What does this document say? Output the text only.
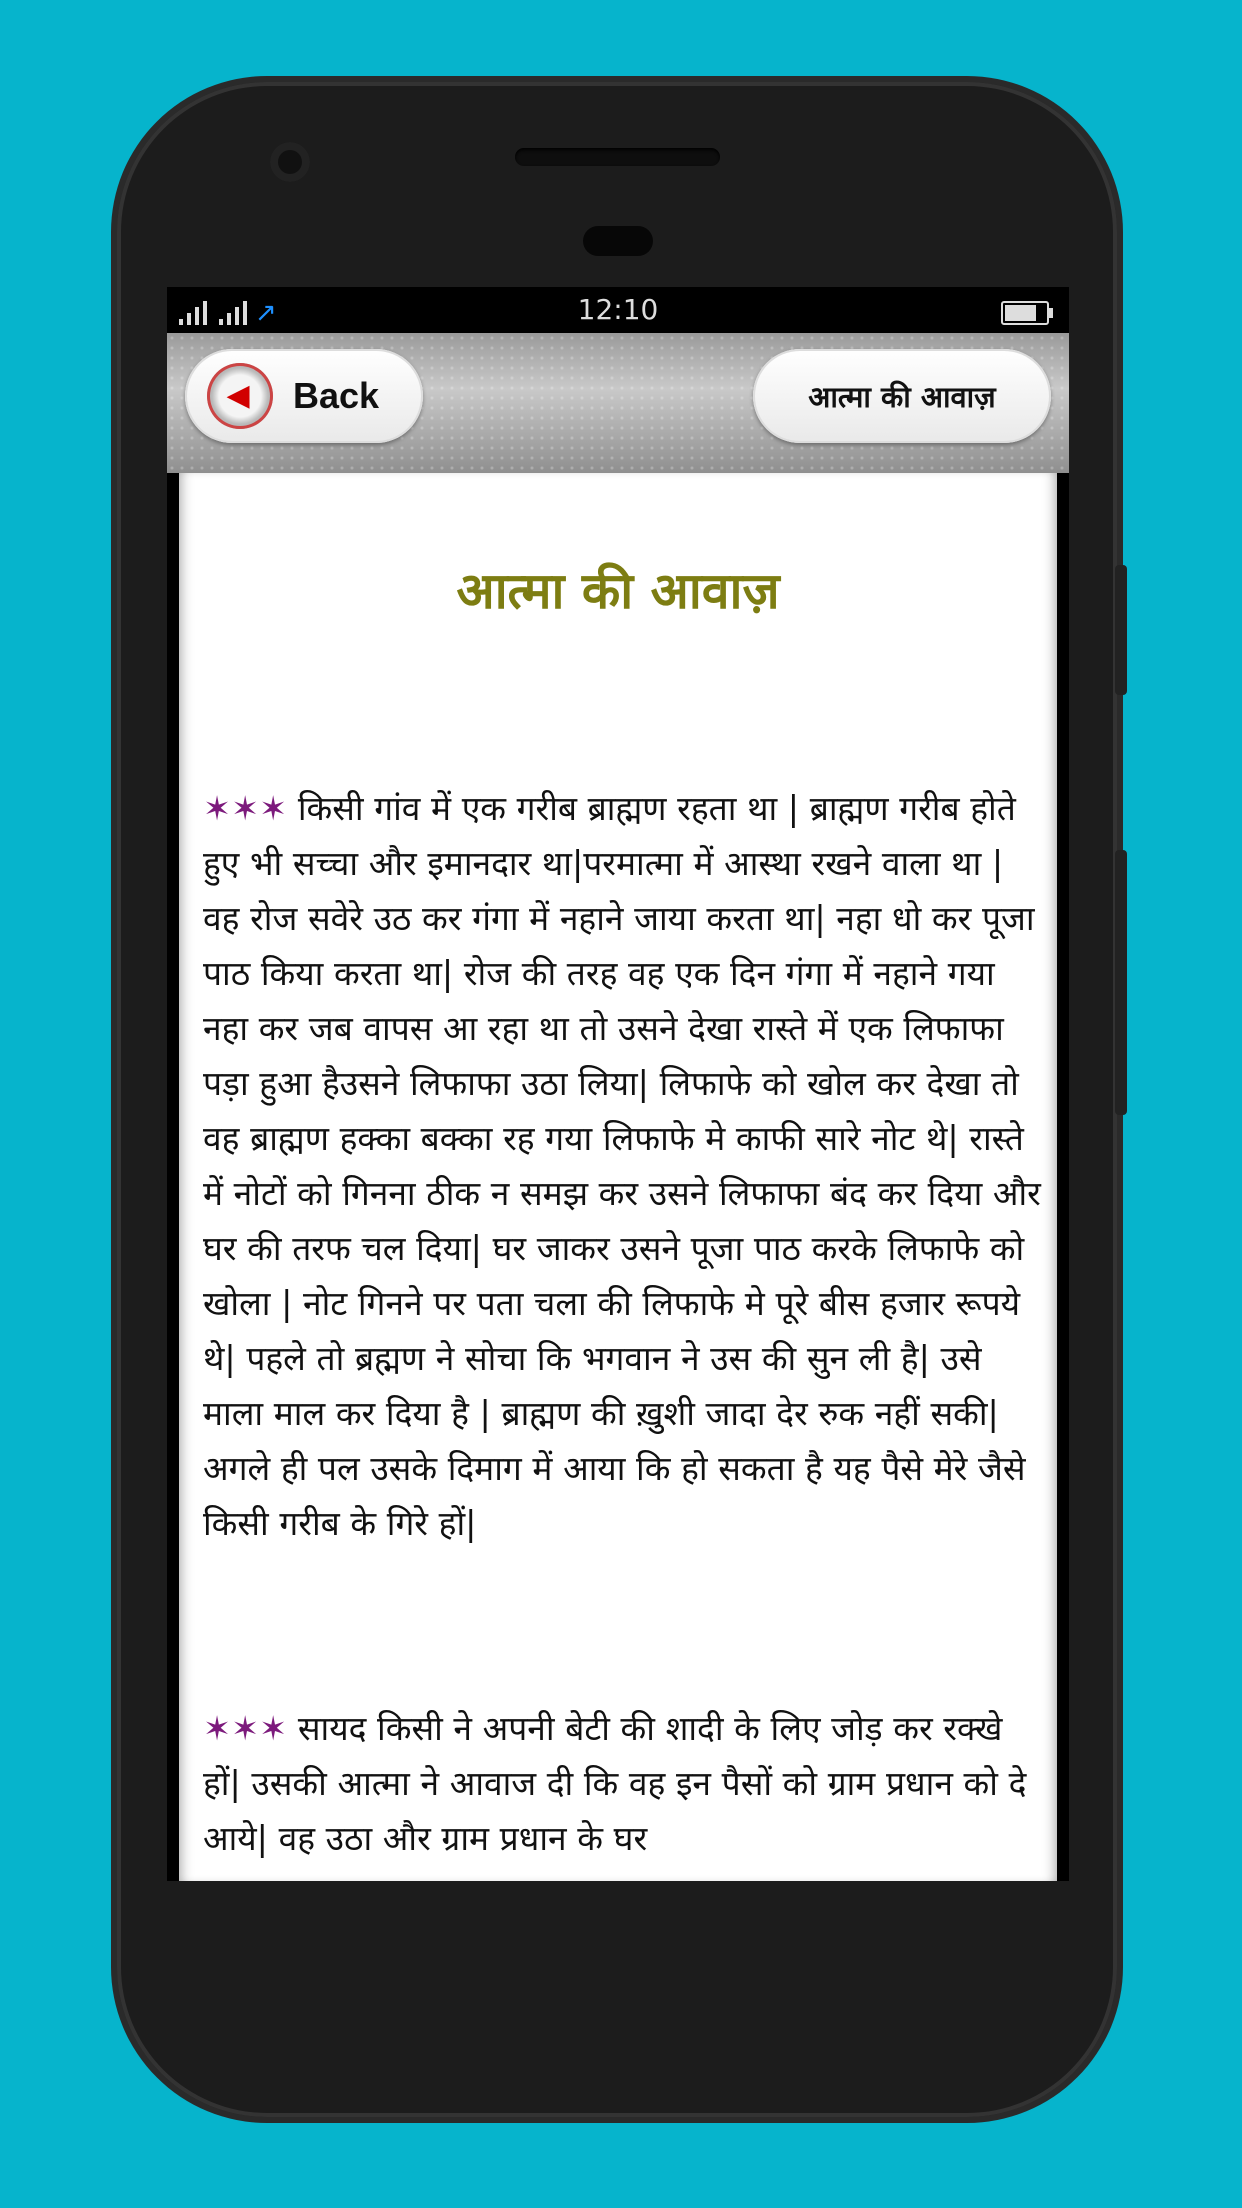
↗	12:10
◀ Back	आत्मा की आवाज़
आत्मा की आवाज़

✶✶✶ किसी गांव में एक गरीब ब्राह्मण रहता था | ब्राह्मण गरीब होते हुए भी सच्चा और इमानदार था|परमात्मा में आस्था रखने वाला था | वह रोज सवेरे उठ कर गंगा में नहाने जाया करता था| नहा धो कर पूजा पाठ किया करता था| रोज की तरह वह एक दिन गंगा में नहाने गया नहा कर जब वापस आ रहा था तो उसने देखा रास्ते में एक लिफाफा पड़ा हुआ हैउसने लिफाफा उठा लिया| लिफाफे को खोल कर देखा तो वह ब्राह्मण हक्का बक्का रह गया लिफाफे मे काफी सारे नोट थे| रास्ते में नोटों को गिनना ठीक न समझ कर उसने लिफाफा बंद कर दिया और घर की तरफ चल दिया| घर जाकर उसने पूजा पाठ करके लिफाफे को खोला | नोट गिनने पर पता चला की लिफाफे मे पूरे बीस हजार रूपये थे| पहले तो ब्रह्मण ने सोचा कि भगवान ने उस की सुन ली है| उसे माला माल कर दिया है | ब्राह्मण की ख़ुशी जादा देर रुक नहीं सकी| अगले ही पल उसके दिमाग में आया कि हो सकता है यह पैसे मेरे जैसे किसी गरीब के गिरे हों|

✶✶✶ सायद किसी ने अपनी बेटी की शादी के लिए जोड़ कर रक्खे हों| उसकी आत्मा ने आवाज दी कि वह इन पैसों को ग्राम प्रधान को दे आये| वह उठा और ग्राम प्रधान के घर
